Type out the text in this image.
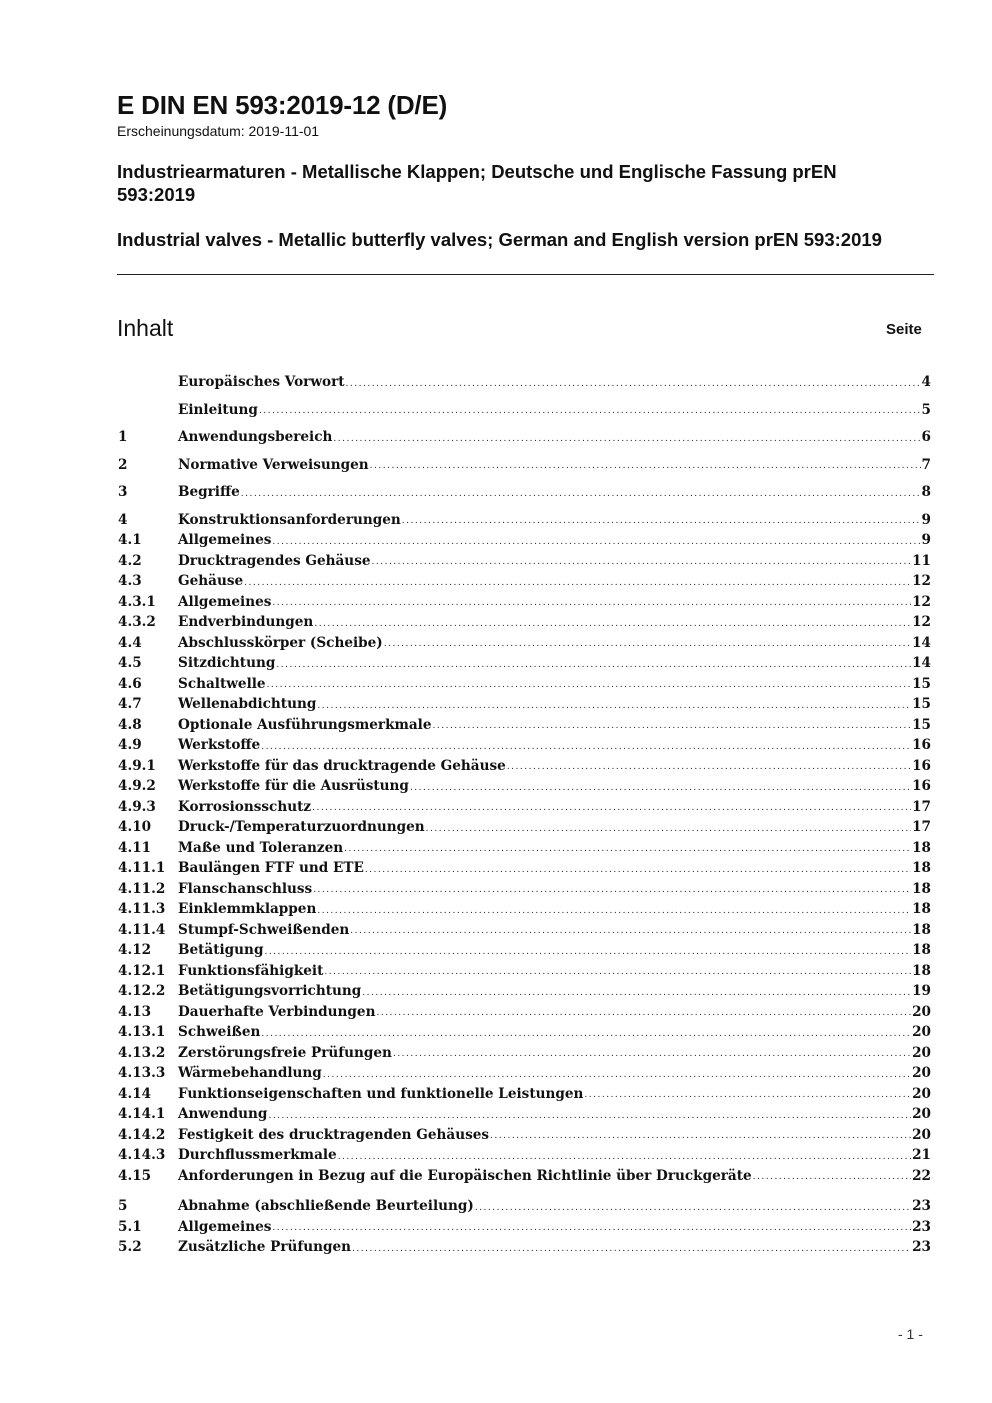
E DIN EN 593:2019-12 (D/E)

Erscheinungsdatum: 2019-11-01

Industriearmaturen - Metallische Klappen; Deutsche und Englische Fassung prEN 593:2019

Industrial valves - Metallic butterfly valves; German and English version prEN 593:2019

Inhalt	Seite
Europäisches Vorwort .....	4
Einleitung .....	5
1	Anwendungsbereich .....	6
2	Normative Verweisungen .....	7
3	Begriffe .....	8
4	Konstruktionsanforderungen .....	9
4.1	Allgemeines .....	9
4.2	Drucktragendes Gehäuse .....	11
4.3	Gehäuse .....	12
4.3.1	Allgemeines .....	12
4.3.2	Endverbindungen .....	12
4.4	Abschlusskörper (Scheibe) .....	14
4.5	Sitzdichtung .....	14
4.6	Schaltwelle .....	15
4.7	Wellenabdichtung .....	15
4.8	Optionale Ausführungsmerkmale .....	15
4.9	Werkstoffe .....	16
4.9.1	Werkstoffe für das drucktragende Gehäuse .....	16
4.9.2	Werkstoffe für die Ausrüstung .....	16
4.9.3	Korrosionsschutz .....	17
4.10	Druck-/Temperaturzuordnungen .....	17
4.11	Maße und Toleranzen .....	18
4.11.1 Baulängen FTF und ETE .....	18
4.11.2 Flanschanschluss .....	18
4.11.3 Einklemmklappen .....	18
4.11.4 Stumpf-Schweißenden .....	18
4.12	Betätigung .....	18
4.12.1 Funktionsfähigkeit .....	18
4.12.2 Betätigungsvorrichtung .....	19
4.13	Dauerhafte Verbindungen .....	20
4.13.1 Schweißen .....	20
4.13.2 Zerstörungsfreie Prüfungen .....	20
4.13.3 Wärmebehandlung .....	20
4.14	Funktionseigenschaften und funktionelle Leistungen .....	20
4.14.1 Anwendung .....	20
4.14.2 Festigkeit des drucktragenden Gehäuses .....	20
4.14.3 Durchflussmerkmale .....	21
4.15	Anforderungen in Bezug auf die Europäischen Richtlinie über Druckgeräte .....	22
5	Abnahme (abschließende Beurteilung) .....	23
5.1	Allgemeines .....	23
5.2	Zusätzliche Prüfungen .....	23
- 1 -
